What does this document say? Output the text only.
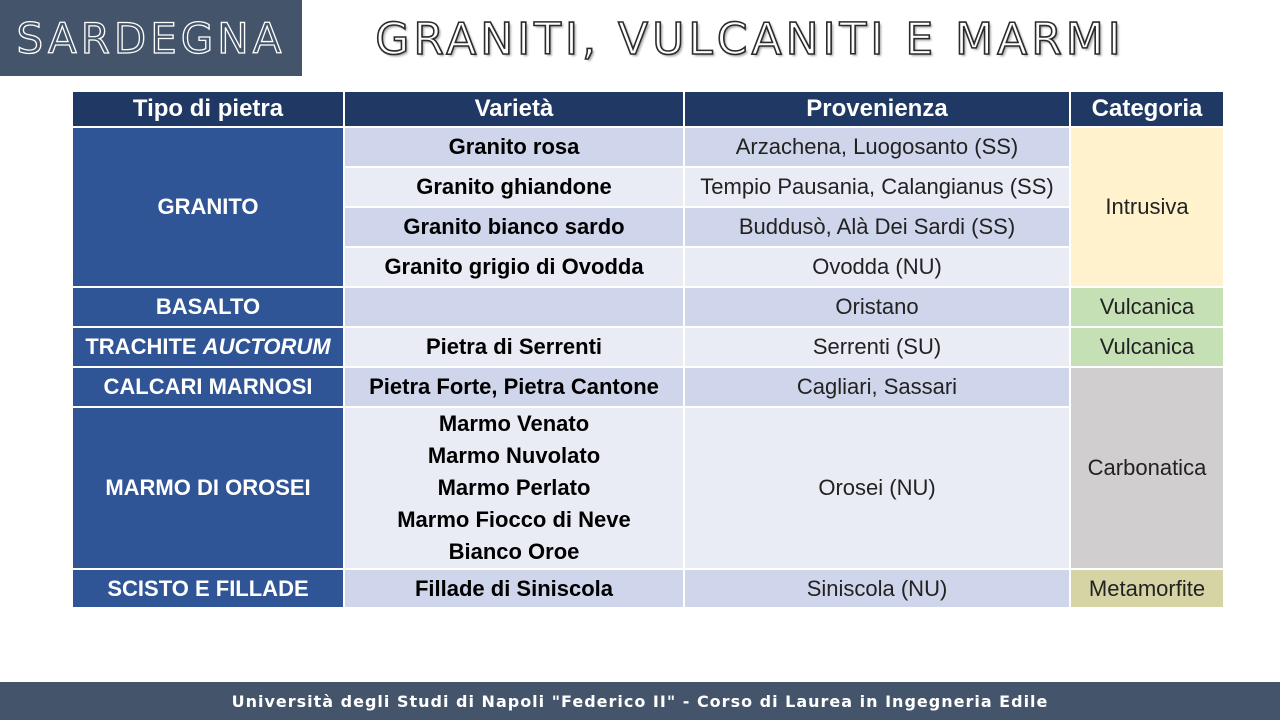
SARDEGNA	GRANITI, VULCANITI E MARMI
Tipo di pietra	Varietà	Provenienza	Categoria
GRANITO	Granito rosa	Arzachena, Luogosanto (SS)	Intrusiva
	Granito ghiandone	Tempio Pausania, Calangianus (SS)	
	Granito bianco sardo	Buddusò, Alà Dei Sardi (SS)	
	Granito grigio di Ovodda	Ovodda (NU)	
BASALTO		Oristano	Vulcanica
TRACHITE AUCTORUM	Pietra di Serrenti	Serrenti (SU)	Vulcanica
CALCARI MARNOSI	Pietra Forte, Pietra Cantone	Cagliari, Sassari	Carbonatica
MARMO DI OROSEI	Marmo Venato
Marmo Nuvolato
Marmo Perlato
Marmo Fiocco di Neve
Bianco Oroe	Orosei (NU)	
SCISTO E FILLADE	Fillade di Siniscola	Siniscola (NU)	Metamorfite
Università degli Studi di Napoli "Federico II" - Corso di Laurea in Ingegneria Edile
